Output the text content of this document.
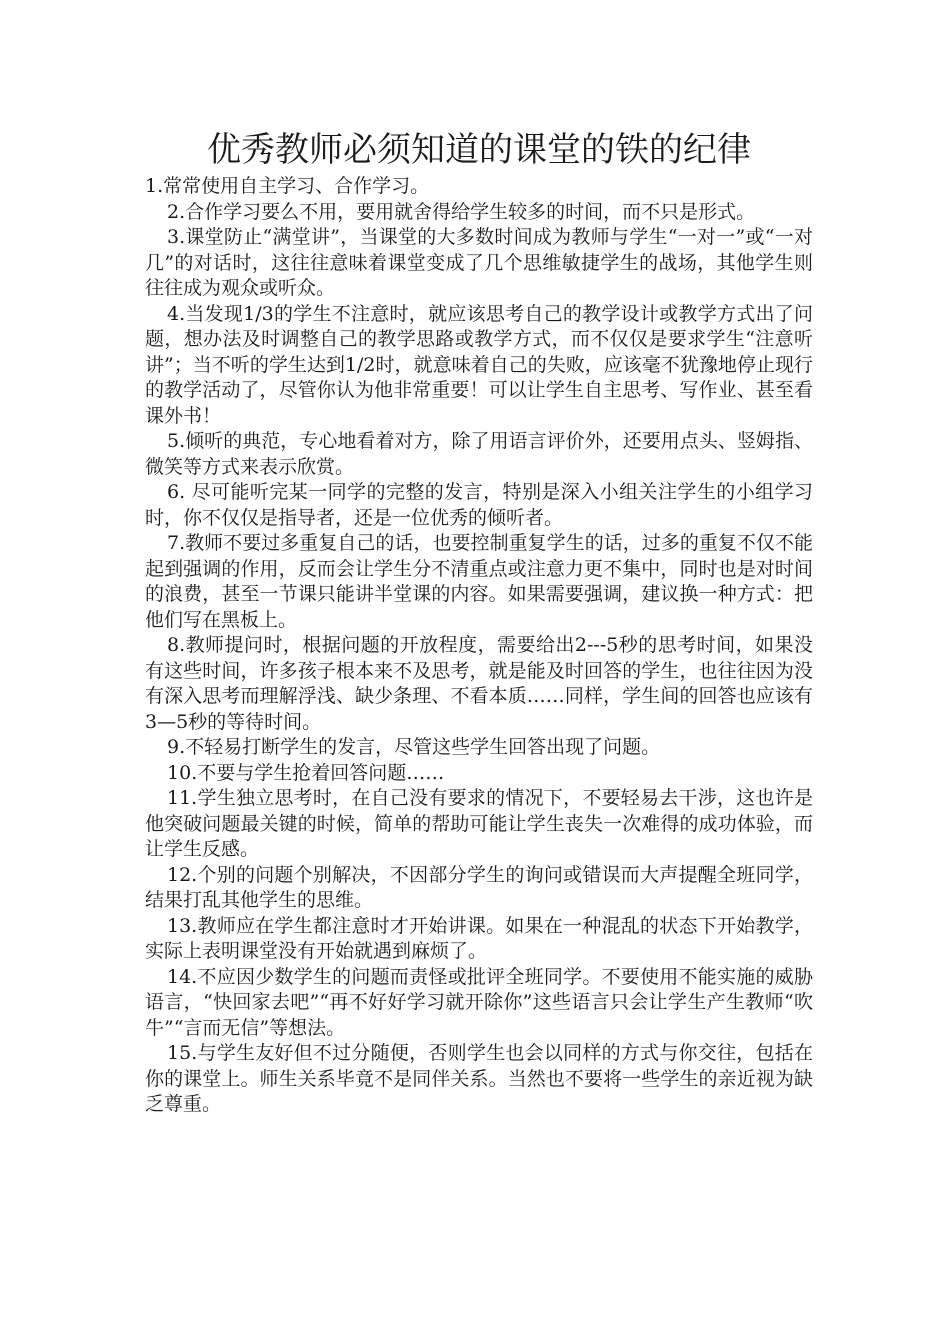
优秀教师必须知道的课堂的铁的纪律

1.常常使用自主学习、合作学习。

2.合作学习要么不用，要用就舍得给学生较多的时间，而不只是形式。

3.课堂防止“满堂讲”，当课堂的大多数时间成为教师与学生“一对一”或“一对几”的对话时，这往往意味着课堂变成了几个思维敏捷学生的战场，其他学生则往往成为观众或听众。

4.当发现1/3的学生不注意时，就应该思考自己的教学设计或教学方式出了问题，想办法及时调整自己的教学思路或教学方式，而不仅仅是要求学生“注意听讲”；当不听的学生达到1/2时，就意味着自己的失败，应该毫不犹豫地停止现行的教学活动了，尽管你认为他非常重要！可以让学生自主思考、写作业、甚至看课外书！

5.倾听的典范，专心地看着对方，除了用语言评价外，还要用点头、竖姆指、微笑等方式来表示欣赏。

6. 尽可能听完某一同学的完整的发言，特别是深入小组关注学生的小组学习时，你不仅仅是指导者，还是一位优秀的倾听者。

7.教师不要过多重复自己的话，也要控制重复学生的话，过多的重复不仅不能起到强调的作用，反而会让学生分不清重点或注意力更不集中，同时也是对时间的浪费，甚至一节课只能讲半堂课的内容。如果需要强调，建议换一种方式：把他们写在黑板上。

8.教师提问时，根据问题的开放程度，需要给出2---5秒的思考时间，如果没有这些时间，许多孩子根本来不及思考，就是能及时回答的学生，也往往因为没有深入思考而理解浮浅、缺少条理、不看本质……同样，学生间的回答也应该有3—5秒的等待时间。

9.不轻易打断学生的发言，尽管这些学生回答出现了问题。

10.不要与学生抢着回答问题……

11.学生独立思考时，在自己没有要求的情况下，不要轻易去干涉，这也许是他突破问题最关键的时候，简单的帮助可能让学生丧失一次难得的成功体验，而让学生反感。

12.个别的问题个别解决，不因部分学生的询问或错误而大声提醒全班同学，结果打乱其他学生的思维。

13.教师应在学生都注意时才开始讲课。如果在一种混乱的状态下开始教学，实际上表明课堂没有开始就遇到麻烦了。

14.不应因少数学生的问题而责怪或批评全班同学。不要使用不能实施的威胁语言，“快回家去吧”“再不好好学习就开除你”这些语言只会让学生产生教师“吹牛”“言而无信”等想法。

15.与学生友好但不过分随便，否则学生也会以同样的方式与你交往，包括在你的课堂上。师生关系毕竟不是同伴关系。当然也不要将一些学生的亲近视为缺乏尊重。
